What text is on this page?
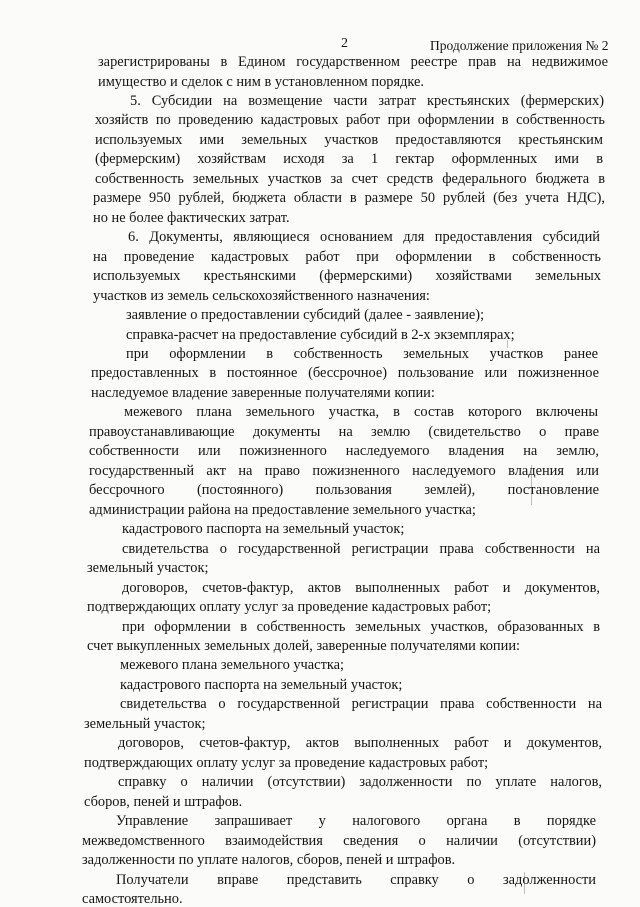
2	Продолжение приложения № 2
зарегистрированы в Едином государственном реестре прав на недвижимое
имущество и сделок с ним в установленном порядке.
5. Субсидии на возмещение части затрат крестьянских (фермерских)
хозяйств по проведению кадастровых работ при оформлении в собственность
используемых ими земельных участков предоставляются крестьянским
(фермерским) хозяйствам исходя за 1 гектар оформленных ими в
собственность земельных участков за счет средств федерального бюджета в
размере 950 рублей, бюджета области в размере 50 рублей (без учета НДС),
но не более фактических затрат.
6. Документы, являющиеся основанием для предоставления субсидий
на проведение кадастровых работ при оформлении в собственность
используемых крестьянскими (фермерскими) хозяйствами земельных
участков из земель сельскохозяйственного назначения:
заявление о предоставлении субсидий (далее - заявление);
справка-расчет на предоставление субсидий в 2-х экземплярах;
при оформлении в собственность земельных участков ранее
предоставленных в постоянное (бессрочное) пользование или пожизненное
наследуемое владение заверенные получателями копии:
межевого плана земельного участка, в состав которого включены
правоустанавливающие документы на землю (свидетельство о праве
собственности или пожизненного наследуемого владения на землю,
государственный акт на право пожизненного наследуемого владения или
бессрочного (постоянного) пользования землей), постановление
администрации района на предоставление земельного участка;
кадастрового паспорта на земельный участок;
свидетельства о государственной регистрации права собственности на
земельный участок;
договоров, счетов-фактур, актов выполненных работ и документов,
подтверждающих оплату услуг за проведение кадастровых работ;
при оформлении в собственность земельных участков, образованных в
счет выкупленных земельных долей, заверенные получателями копии:
межевого плана земельного участка;
кадастрового паспорта на земельный участок;
свидетельства о государственной регистрации права собственности на
земельный участок;
договоров, счетов-фактур, актов выполненных работ и документов,
подтверждающих оплату услуг за проведение кадастровых работ;
справку о наличии (отсутствии) задолженности по уплате налогов,
сборов, пеней и штрафов.
Управление запрашивает у налогового органа в порядке
межведомственного взаимодействия сведения о наличии (отсутствии)
задолженности по уплате налогов, сборов, пеней и штрафов.
Получатели вправе представить справку о задолженности
самостоятельно.
